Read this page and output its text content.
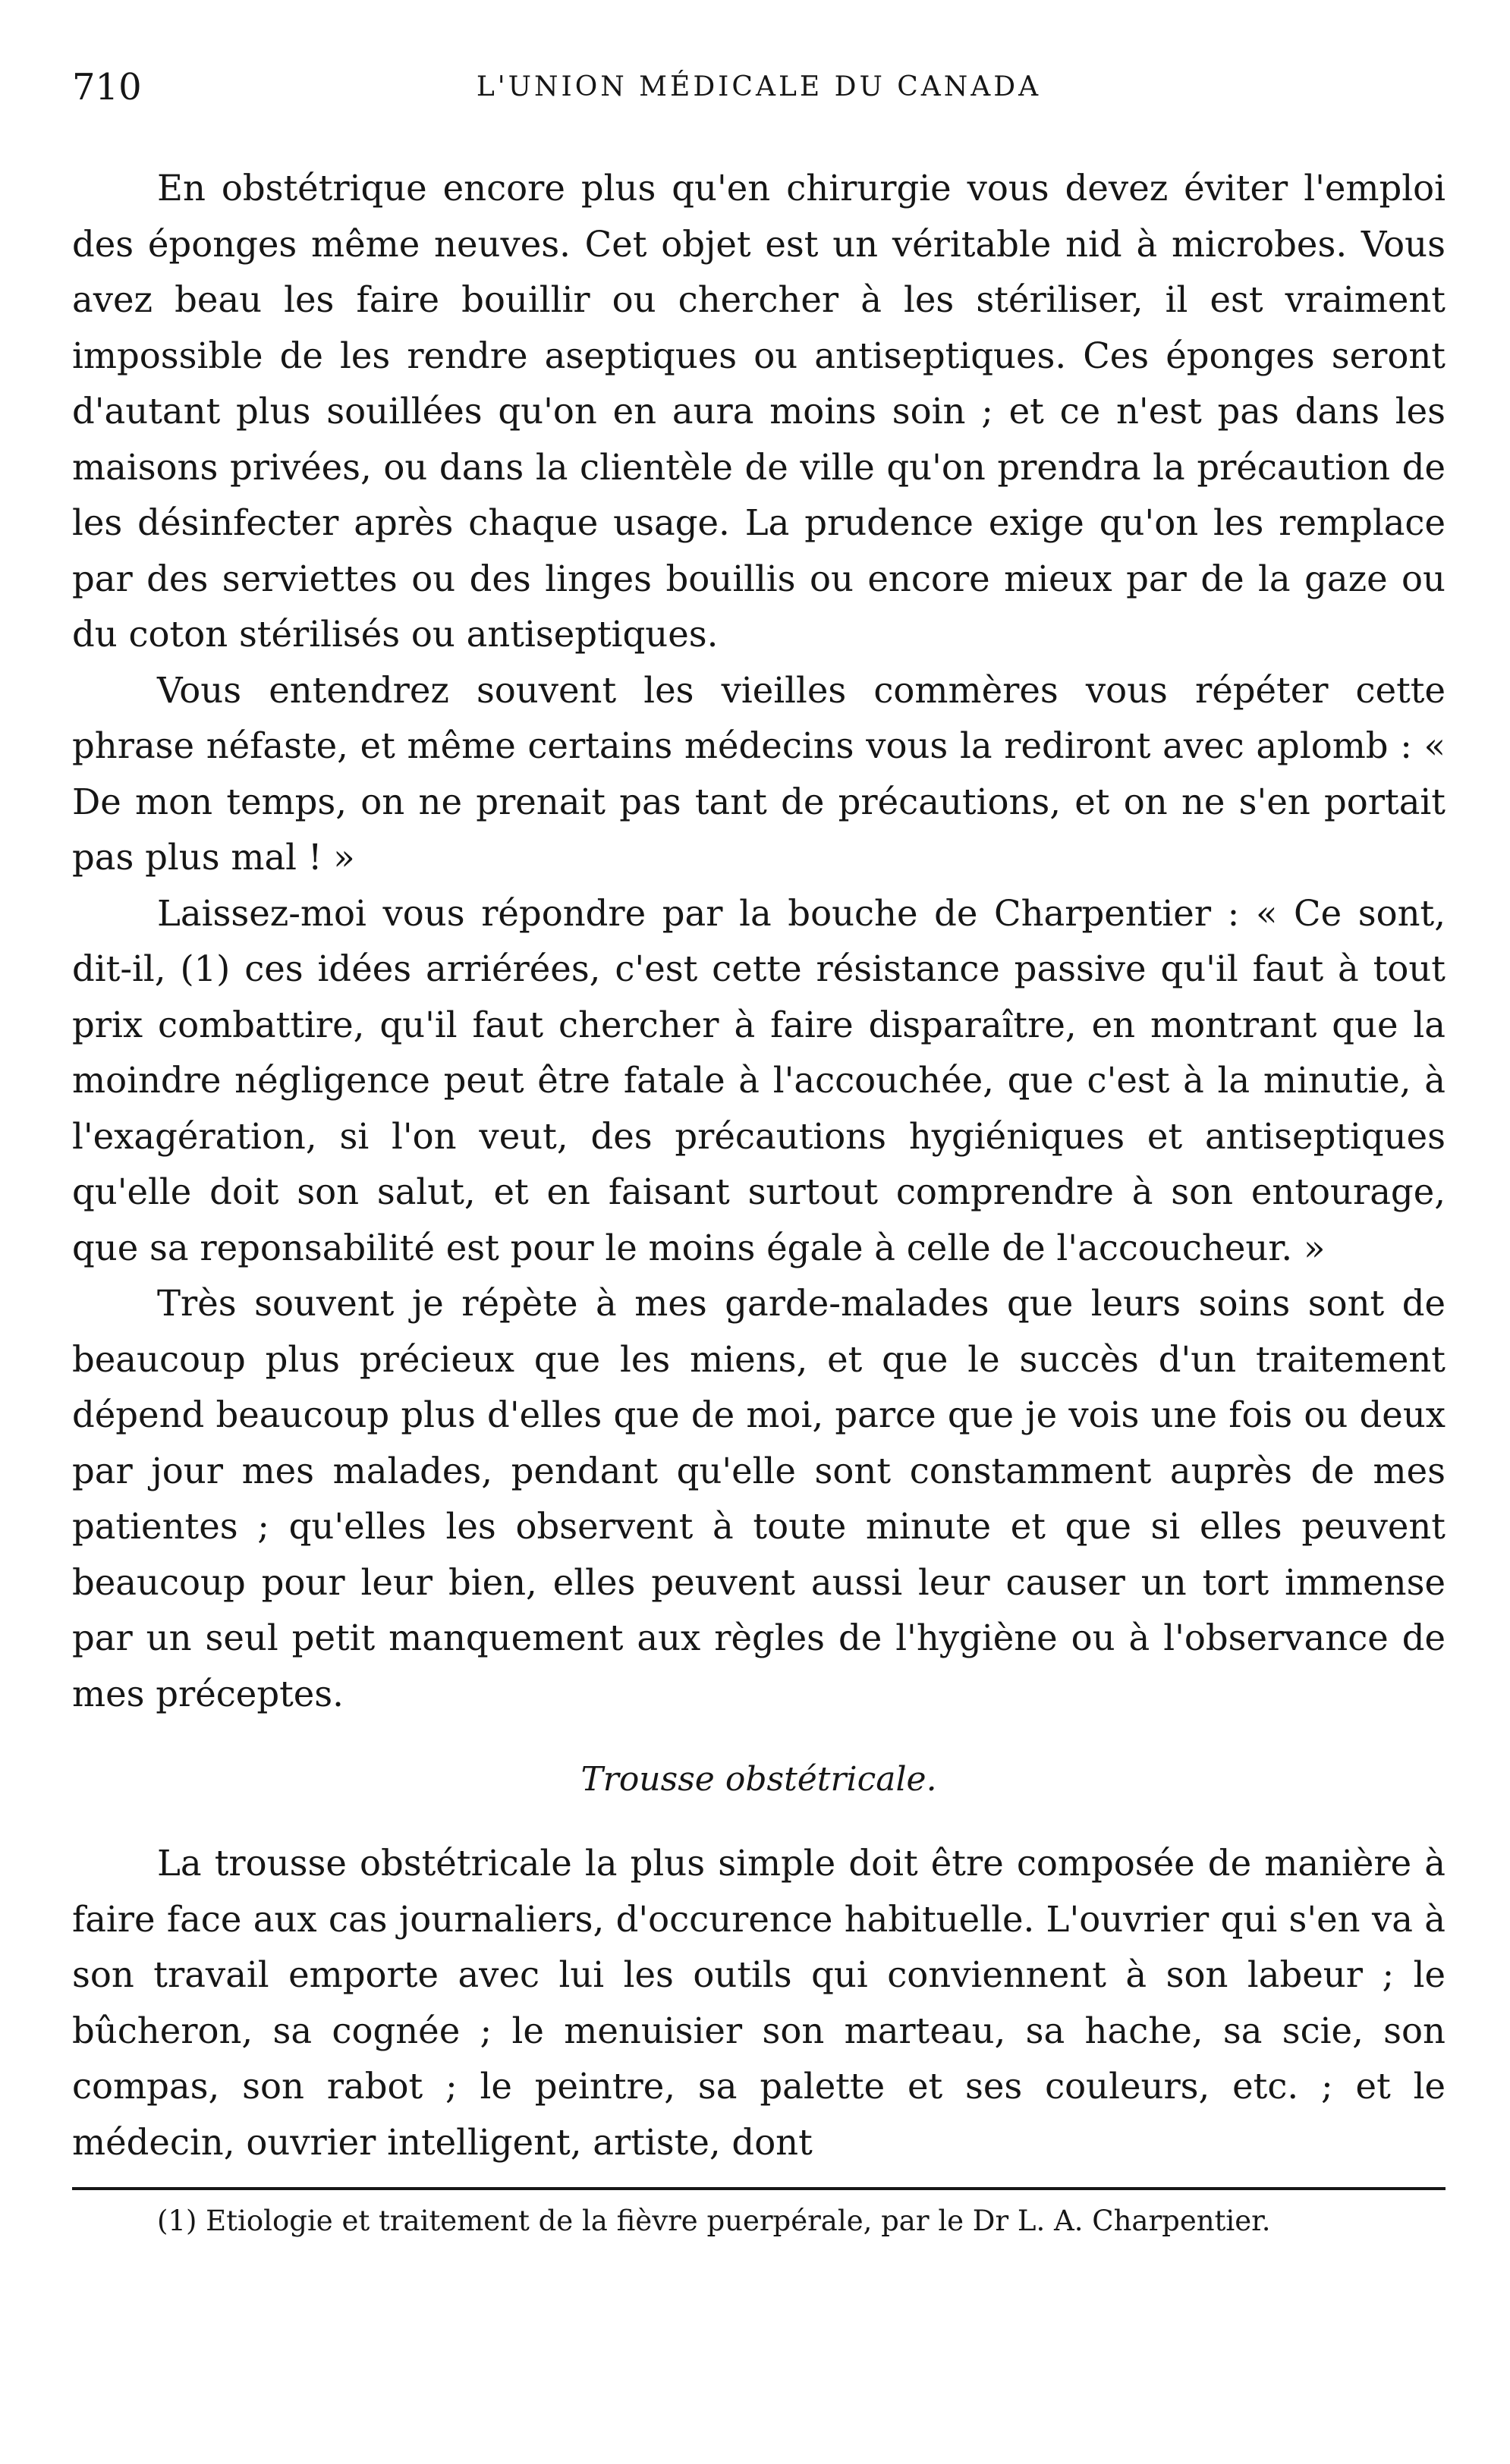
710	L'UNION MÉDICALE DU CANADA

En obstétrique encore plus qu'en chirurgie vous devez éviter l'emploi des éponges même neuves. Cet objet est un véritable nid à microbes. Vous avez beau les faire bouillir ou chercher à les stériliser, il est vraiment impossible de les rendre aseptiques ou antiseptiques. Ces éponges seront d'autant plus souillées qu'on en aura moins soin ; et ce n'est pas dans les maisons privées, ou dans la clientèle de ville qu'on prendra la précaution de les désinfecter après chaque usage. La prudence exige qu'on les remplace par des serviettes ou des linges bouillis ou encore mieux par de la gaze ou du coton stérilisés ou antiseptiques.

Vous entendrez souvent les vieilles commères vous répéter cette phrase néfaste, et même certains médecins vous la rediront avec aplomb : « De mon temps, on ne prenait pas tant de précautions, et on ne s'en portait pas plus mal ! »

Laissez-moi vous répondre par la bouche de Charpentier : « Ce sont, dit-il, (1) ces idées arriérées, c'est cette résistance passive qu'il faut à tout prix combattire, qu'il faut chercher à faire disparaître, en montrant que la moindre négligence peut être fatale à l'accouchée, que c'est à la minutie, à l'exagération, si l'on veut, des précautions hygiéniques et antiseptiques qu'elle doit son salut, et en faisant surtout comprendre à son entourage, que sa reponsabilité est pour le moins égale à celle de l'accoucheur. »

Très souvent je répète à mes garde-malades que leurs soins sont de beaucoup plus précieux que les miens, et que le succès d'un traitement dépend beaucoup plus d'elles que de moi, parce que je vois une fois ou deux par jour mes malades, pendant qu'elle sont constamment auprès de mes patientes ; qu'elles les observent à toute minute et que si elles peuvent beaucoup pour leur bien, elles peuvent aussi leur causer un tort immense par un seul petit manquement aux règles de l'hygiène ou à l'observance de mes préceptes.

Trousse obstétricale.

La trousse obstétricale la plus simple doit être composée de manière à faire face aux cas journaliers, d'occurence habituelle. L'ouvrier qui s'en va à son travail emporte avec lui les outils qui conviennent à son labeur ; le bûcheron, sa cognée ; le menuisier son marteau, sa hache, sa scie, son compas, son rabot ; le peintre, sa palette et ses couleurs, etc. ; et le médecin, ouvrier intelligent, artiste, dont

(1) Etiologie et traitement de la fièvre puerpérale, par le Dr L. A. Charpentier.
